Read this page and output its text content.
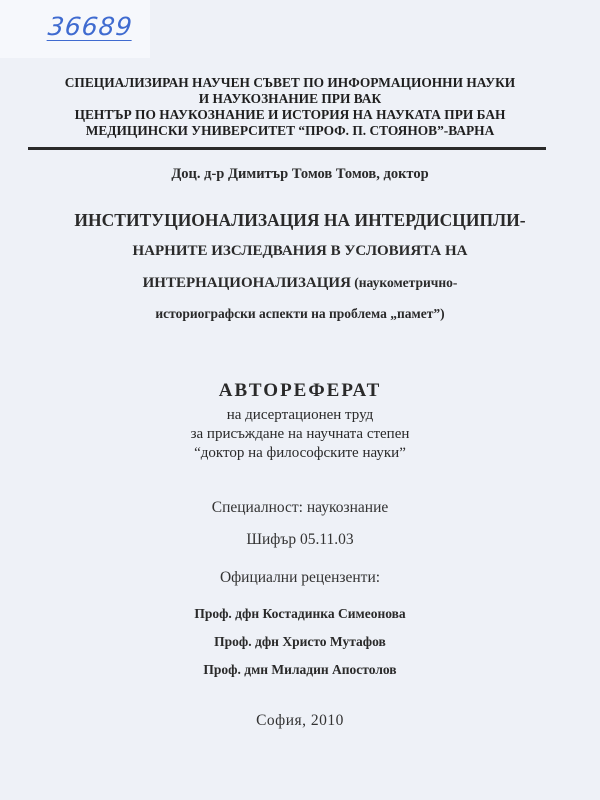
36689
СПЕЦИАЛИЗИРАН НАУЧЕН СЪВЕТ ПО ИНФОРМАЦИОННИ НАУКИ
И НАУКОЗНАНИЕ ПРИ ВАК
ЦЕНТЪР ПО НАУКОЗНАНИЕ И ИСТОРИЯ НА НАУКАТА ПРИ БАН
МЕДИЦИНСКИ УНИВЕРСИТЕТ “ПРОФ. П. СТОЯНОВ”-ВАРНА
Доц. д-р Димитър Томов Томов, доктор
ИНСТИТУЦИОНАЛИЗАЦИЯ НА ИНТЕРДИСЦИПЛИ-
НАРНИТЕ ИЗСЛЕДВАНИЯ В УСЛОВИЯТА НА
ИНТЕРНАЦИОНАЛИЗАЦИЯ (наукометрично-
историографски аспекти на проблема „памет”)
АВТОРЕФЕРАТ
на дисертационен труд
за присъждане на научната степен
“доктор на философските науки”
Специалност: наукознание
Шифър 05.11.03
Официални рецензенти:
Проф. дфн Костадинка Симеонова
Проф. дфн Христо Мутафов
Проф. дмн Миладин Апостолов
София, 2010
